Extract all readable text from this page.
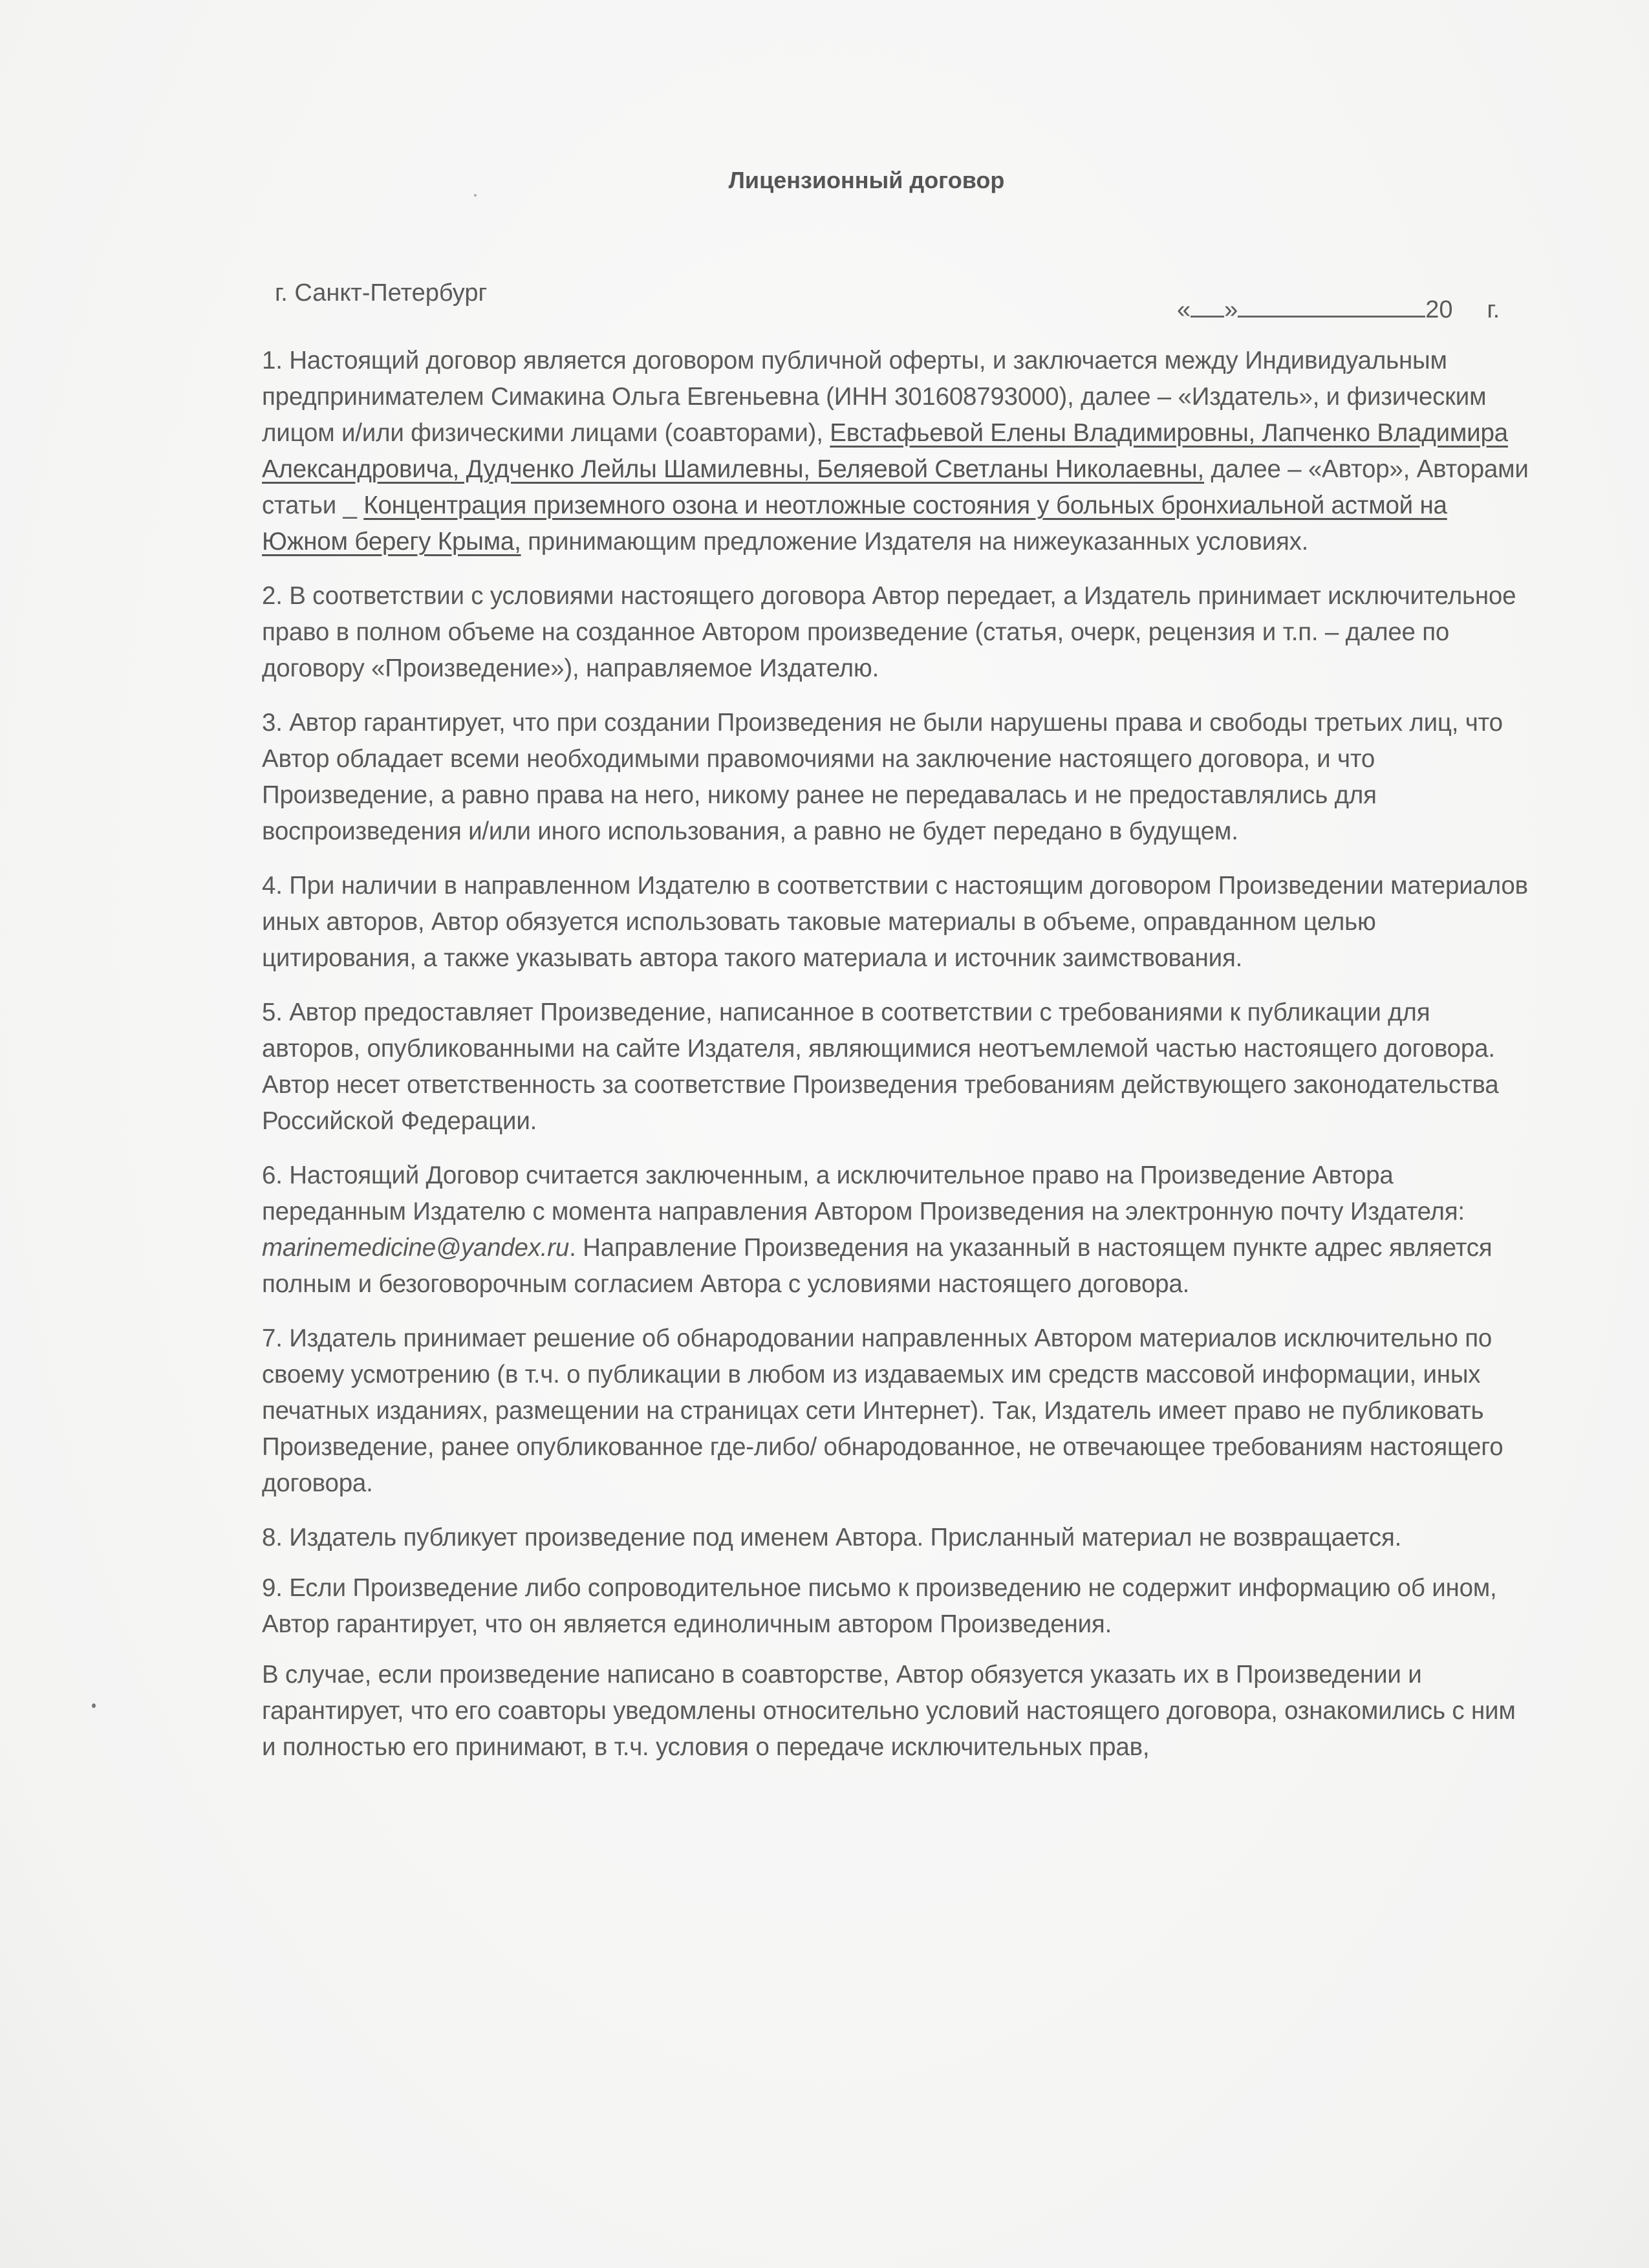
Лицензионный договор
г. Санкт-Петербург
« »	20 г.

1. Настоящий договор является договором публичной оферты, и заключается между Индивидуальным предпринимателем Симакина Ольга Евгеньевна (ИНН 301608793000), далее – «Издатель», и физическим лицом и/или физическими лицами (соавторами), Евстафьевой Елены Владимировны, Лапченко Владимира Александровича, Дудченко Лейлы Шамилевны, Беляевой Светланы Николаевны, далее – «Автор», Авторами статьи _ Концентрация приземного озона и неотложные состояния у больных бронхиальной астмой на Южном берегу Крыма, принимающим предложение Издателя на нижеуказанных условиях.

2. В соответствии с условиями настоящего договора Автор передает, а Издатель принимает исключительное право в полном объеме на созданное Автором произведение (статья, очерк, рецензия и т.п. – далее по договору «Произведение»), направляемое Издателю.

3. Автор гарантирует, что при создании Произведения не были нарушены права и свободы третьих лиц, что Автор обладает всеми необходимыми правомочиями на заключение настоящего договора, и что Произведение, а равно права на него, никому ранее не передавалась и не предоставлялись для воспроизведения и/или иного использования, а равно не будет передано в будущем.

4. При наличии в направленном Издателю в соответствии с настоящим договором Произведении материалов иных авторов, Автор обязуется использовать таковые материалы в объеме, оправданном целью цитирования, а также указывать автора такого материала и источник заимствования.

5. Автор предоставляет Произведение, написанное в соответствии с требованиями к публикации для авторов, опубликованными на сайте Издателя, являющимися неотъемлемой частью настоящего договора. Автор несет ответственность за соответствие Произведения требованиям действующего законодательства Российской Федерации.

6. Настоящий Договор считается заключенным, а исключительное право на Произведение Автора переданным Издателю с момента направления Автором Произведения на электронную почту Издателя: marinemedicine@yandex.ru. Направление Произведения на указанный в настоящем пункте адрес является полным и безоговорочным согласием Автора с условиями настоящего договора.

7. Издатель принимает решение об обнародовании направленных Автором материалов исключительно по своему усмотрению (в т.ч. о публикации в любом из издаваемых им средств массовой информации, иных печатных изданиях, размещении на страницах сети Интернет). Так, Издатель имеет право не публиковать Произведение, ранее опубликованное где-либо/ обнародованное, не отвечающее требованиям настоящего договора.

8. Издатель публикует произведение под именем Автора. Присланный материал не возвращается.

9. Если Произведение либо сопроводительное письмо к произведению не содержит информацию об ином, Автор гарантирует, что он является единоличным автором Произведения.

В случае, если произведение написано в соавторстве, Автор обязуется указать их в Произведении и гарантирует, что его соавторы уведомлены относительно условий настоящего договора, ознакомились с ним и полностью его принимают, в т.ч. условия о передаче исключительных прав,
